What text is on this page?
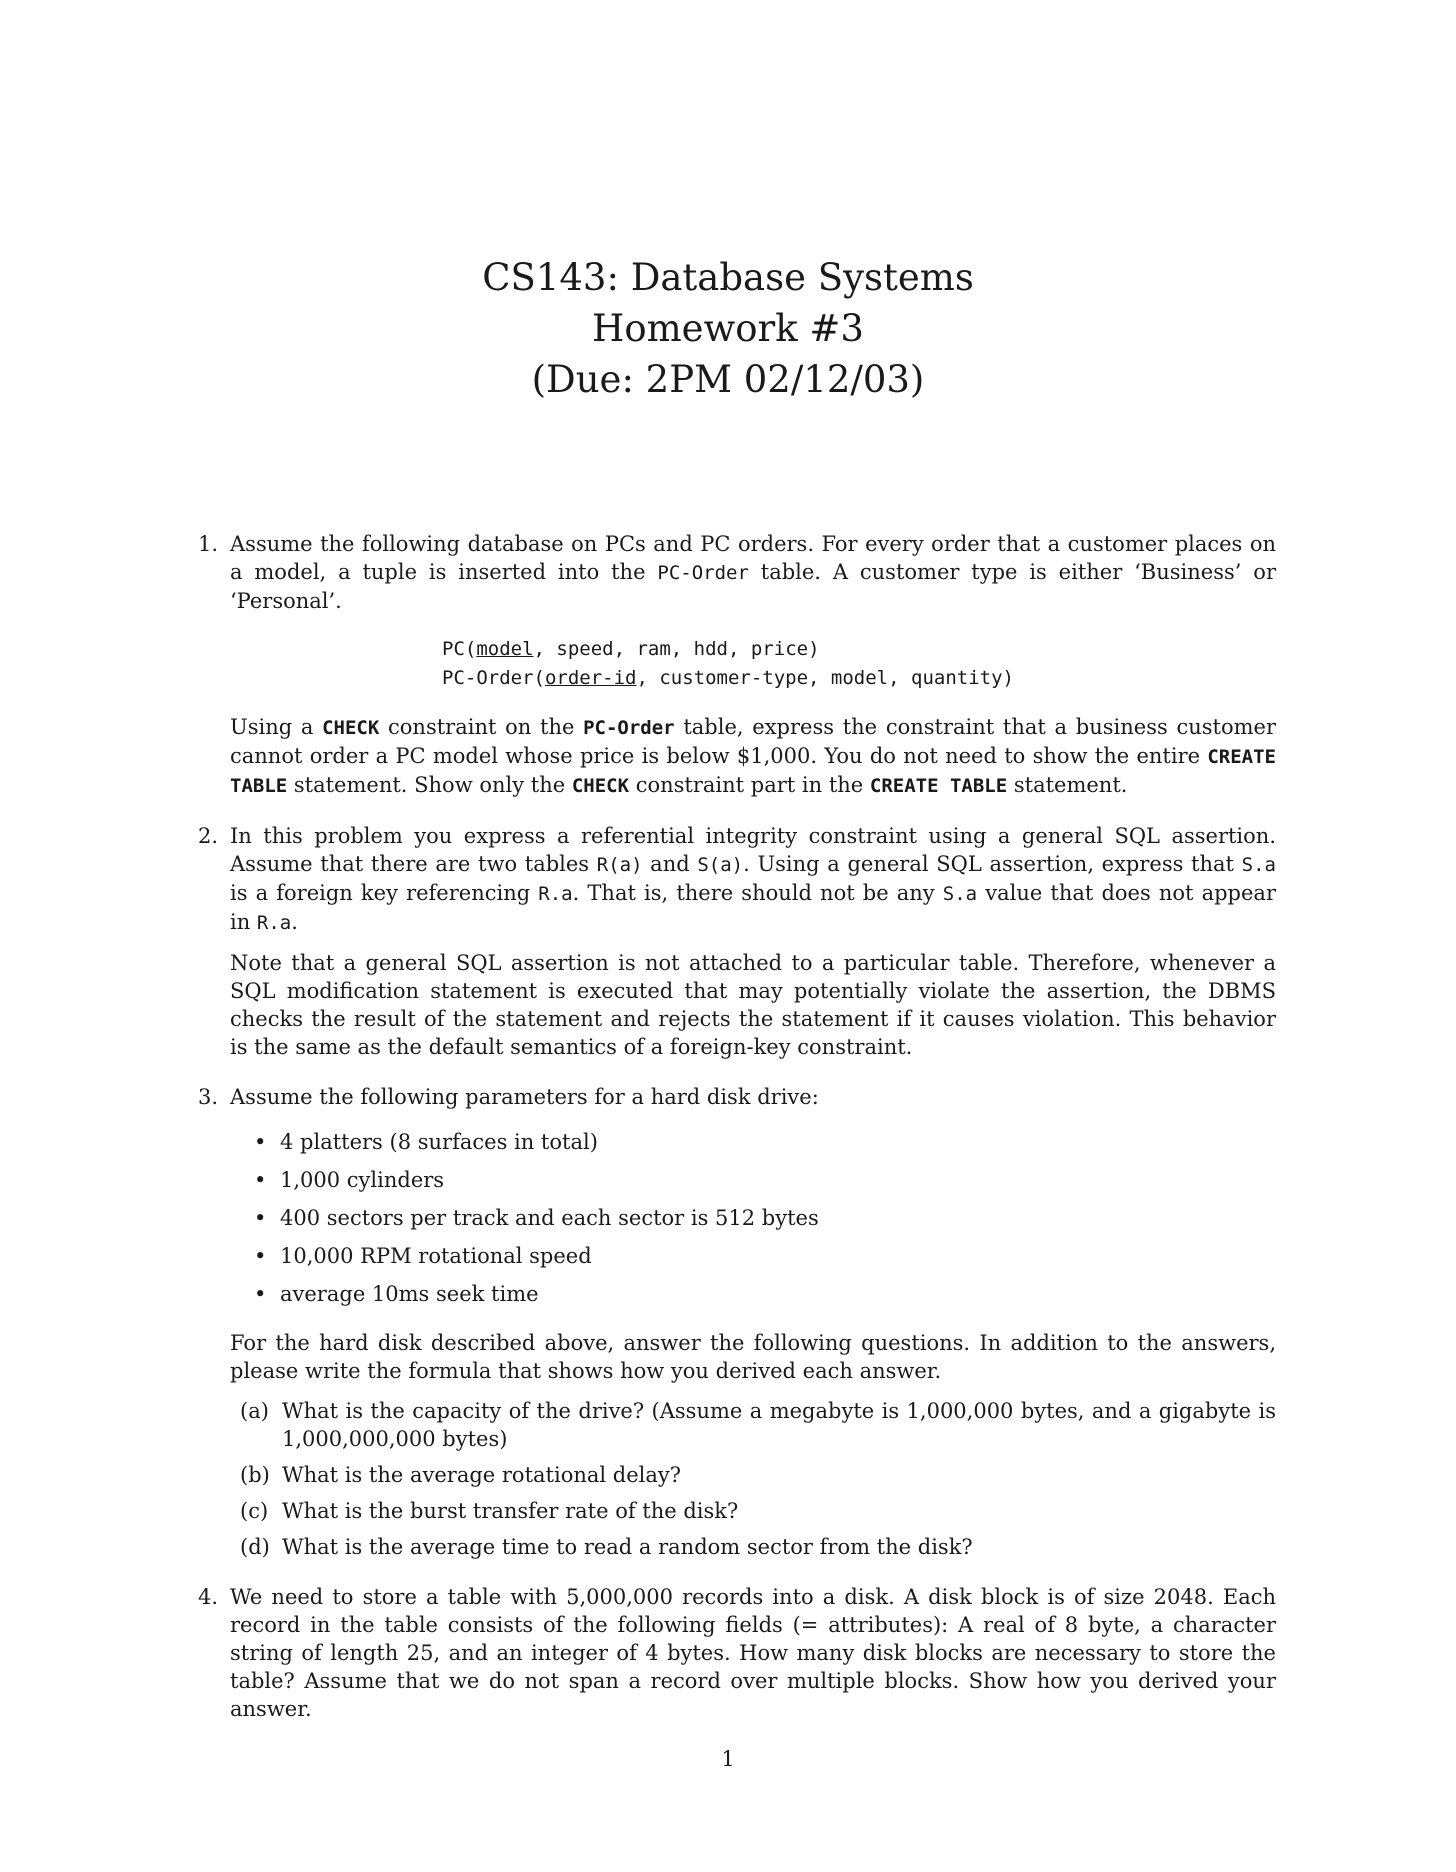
CS143: Database Systems
Homework #3
(Due: 2PM 02/12/03)
1. Assume the following database on PCs and PC orders. For every order that a customer places on a model, a tuple is inserted into the PC-Order table. A customer type is either ‘Business’ or ‘Personal’.

PC(model, speed, ram, hdd, price)
PC-Order(order-id, customer-type, model, quantity)

Using a CHECK constraint on the PC-Order table, express the constraint that a business customer cannot order a PC model whose price is below $1,000. You do not need to show the entire CREATE TABLE statement. Show only the CHECK constraint part in the CREATE TABLE statement.

2. In this problem you express a referential integrity constraint using a general SQL assertion. Assume that there are two tables R(a) and S(a). Using a general SQL assertion, express that S.a is a foreign key referencing R.a. That is, there should not be any S.a value that does not appear in R.a.

Note that a general SQL assertion is not attached to a particular table. Therefore, whenever a SQL modification statement is executed that may potentially violate the assertion, the DBMS checks the result of the statement and rejects the statement if it causes violation. This behavior is the same as the default semantics of a foreign-key constraint.

3. Assume the following parameters for a hard disk drive:

• 4 platters (8 surfaces in total)
• 1,000 cylinders
• 400 sectors per track and each sector is 512 bytes
• 10,000 RPM rotational speed
• average 10ms seek time

For the hard disk described above, answer the following questions. In addition to the answers, please write the formula that shows how you derived each answer.

(a) What is the capacity of the drive? (Assume a megabyte is 1,000,000 bytes, and a gigabyte is 1,000,000,000 bytes)
(b) What is the average rotational delay?
(c) What is the burst transfer rate of the disk?
(d) What is the average time to read a random sector from the disk?
4. We need to store a table with 5,000,000 records into a disk. A disk block is of size 2048. Each record in the table consists of the following fields (= attributes): A real of 8 byte, a character string of length 25, and an integer of 4 bytes. How many disk blocks are necessary to store the table? Assume that we do not span a record over multiple blocks. Show how you derived your answer.

1
